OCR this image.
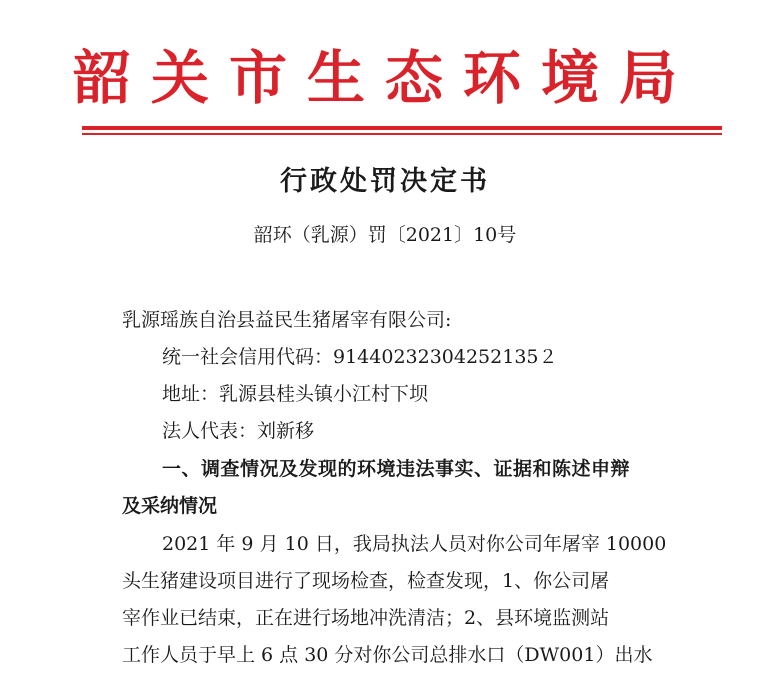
韶关市生态环境局
行政处罚决定书
韶环（乳源）罚〔2021〕10号
乳源瑶族自治县益民生猪屠宰有限公司:
统一社会信用代码：91440232304252135２
地址：乳源县桂头镇小江村下坝
法人代表：刘新移
一、调查情况及发现的环境违法事实、证据和陈述申辩
及采纳情况
2021 年 9 月 10 日，我局执法人员对你公司年屠宰 10000
头生猪建设项目进行了现场检查，检查发现，1、你公司屠
宰作业已结束，正在进行场地冲洗清洁；2、县环境监测站
工作人员于早上 6 点 30 分对你公司总排水口（DW001）出水
